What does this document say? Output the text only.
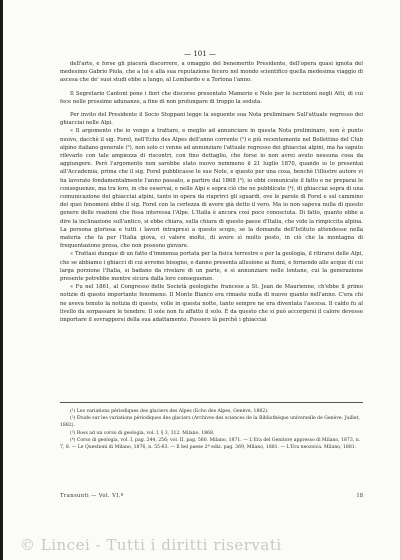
— 101 —

dell'arte, e forse gli piacerà discorrere, a omaggio del benemerito Presidente, dell'opera quasi ignota del medesimo Gabrio Piola, che a lui e alla sua reputazione fecero nel mondo scientifico quella medesima viaggio di ascesa che de' suoi studi ebbe a lungo, al Lombardo e a Tortona l'anno.

Il Segretario Cantoni pone i fiori che discorso presentato Mamerio e Nelo per le iscrizioni negli Atti, di cui fece nelle prossime adunanze, a fine di non prolungare di troppo la seduta.

Per invito del Presidente il Socio Stoppani legge la seguente sua Nota preliminare Sull'attuale regresso dei ghiacciai nelle Alpi.

« Il argomento che io vengo a trattare, e meglio ad annunciare in questa Nota preliminare, non è punto nuovo, dacchè il sig. Forel, nell'Echo des Alpes dell'anno corrente (¹) e più recentemente nel Bollettino del Club alpino italiano generale (²), non solo ci venne ad annunziare l'attuale regresso dei ghiacciai alpini, ma ha saputo rilevarlo con tale ampiezza di riscontri, con fino dettaglio, che forse io non avrei avuto nessuna cosa da aggiungere. Però l'argomento non sarebbe stato nuovo nemmeno il 21 luglio 1870, quando io lo presentai all'Accademia, prima che il sig. Forel pubblicasse le sue Note, e questo per una cosa, benchè l'illustre autore vi ha lavorato fondamentalmente l'anno passato, a partire dal 1868 (³), io ebbi comunicate il fatto e ne preparai le conseguenze, ma tra loro, in che osservai, e nelle Alpi e sopra ciò che ne pubblicate (⁴), di ghiacciai sopra di una comunicazione dei ghiacciai alpini, tanto in opera da riaprirci gli sguardi, ove le parole di Forel e sul cammino dei quei fenomeni ebbe il sig. Forel con la certezza di avere già detto il vero. Ma io non sapeva nulla di questo genere delle reazioni che fissa interessa l'Alpe. L'Italia è ancora così poco conosciuta. Di fatto, quanto ebbe a dire la inclinazione sull'antico, si ebbe chiara, sulla chiara di questo paese d'Italia, che vide la rimpiccita alpina. La persona gloriosa e tutti i lavori intrapresi a questo scopo, se la domanda dell'Istituto attendesse nella materia che fa per l'Italia giova, ci valere molto, di avere sì molto posto, in ciò che la montagna di frequentazione presa, che non possono giovare.

« Trattasi dunque di un fatto d'immensa portata per la fisica terrestre e per la geologia, il ritirarsi delle Alpi, che se abbiamo i ghiacci di cui avremo bisogno, e danno presenta allusione ai fiumi, e fornendo alle acque di cui larga porzione l'Italia, si badano da rivelare di un parte, e si annunziare nelle lontane, cui la generazione presente potrebbe mentre sicura dalla loro conseguenze.

« Fu nel 1861, al Congresso delle Società geologiche francese a St. Jean de Maurienne, ch'ebbe il primo notizie di questo importante fenomeno. Il Monte Bianco era rimasto nulla di nuovo quanto nell'anno. C'era chi ne aveva tenuto la notizia di questo, volle in questa notte, tanto sempre ne era diventata l'ascesa. Il caldo fu al livello da sorpassare le tenebre. Il sole non fu affatto il solo. È da questo che si può accorgersi il calore devesse importare il sovrapporsi della sua adattamento. Fossero là perchè i ghiacciai

(¹) Les variations périodiques des glaciers des Alpes (Echo des Alpes, Genève, 1882).

(²) Étude sur les variations périodiques des glaciers (Archives des sciences de la Bibliothèque universelle de Genève. Juillet, 1882).

(³) Ross ad un corso di geologia, vol. I, § 3, 312. Milano, 1868.

(⁴) Corso di geologia, vol. I, pag. 244, 256; vol. II, pag. 560. Milano, 1871. — L'Era del Genitore appresso di Milano, 1873, n. 7, 8. — Le Questioni di Milano, 1876, n. 55-63. — Il bel paese 2ª ediz. pag. 369, Milano, 1881. — L'Era neozoica. Milano, 1881.

Transunti — Vol. VI.º	18
© Lincei - Tutti i diritti riservati
